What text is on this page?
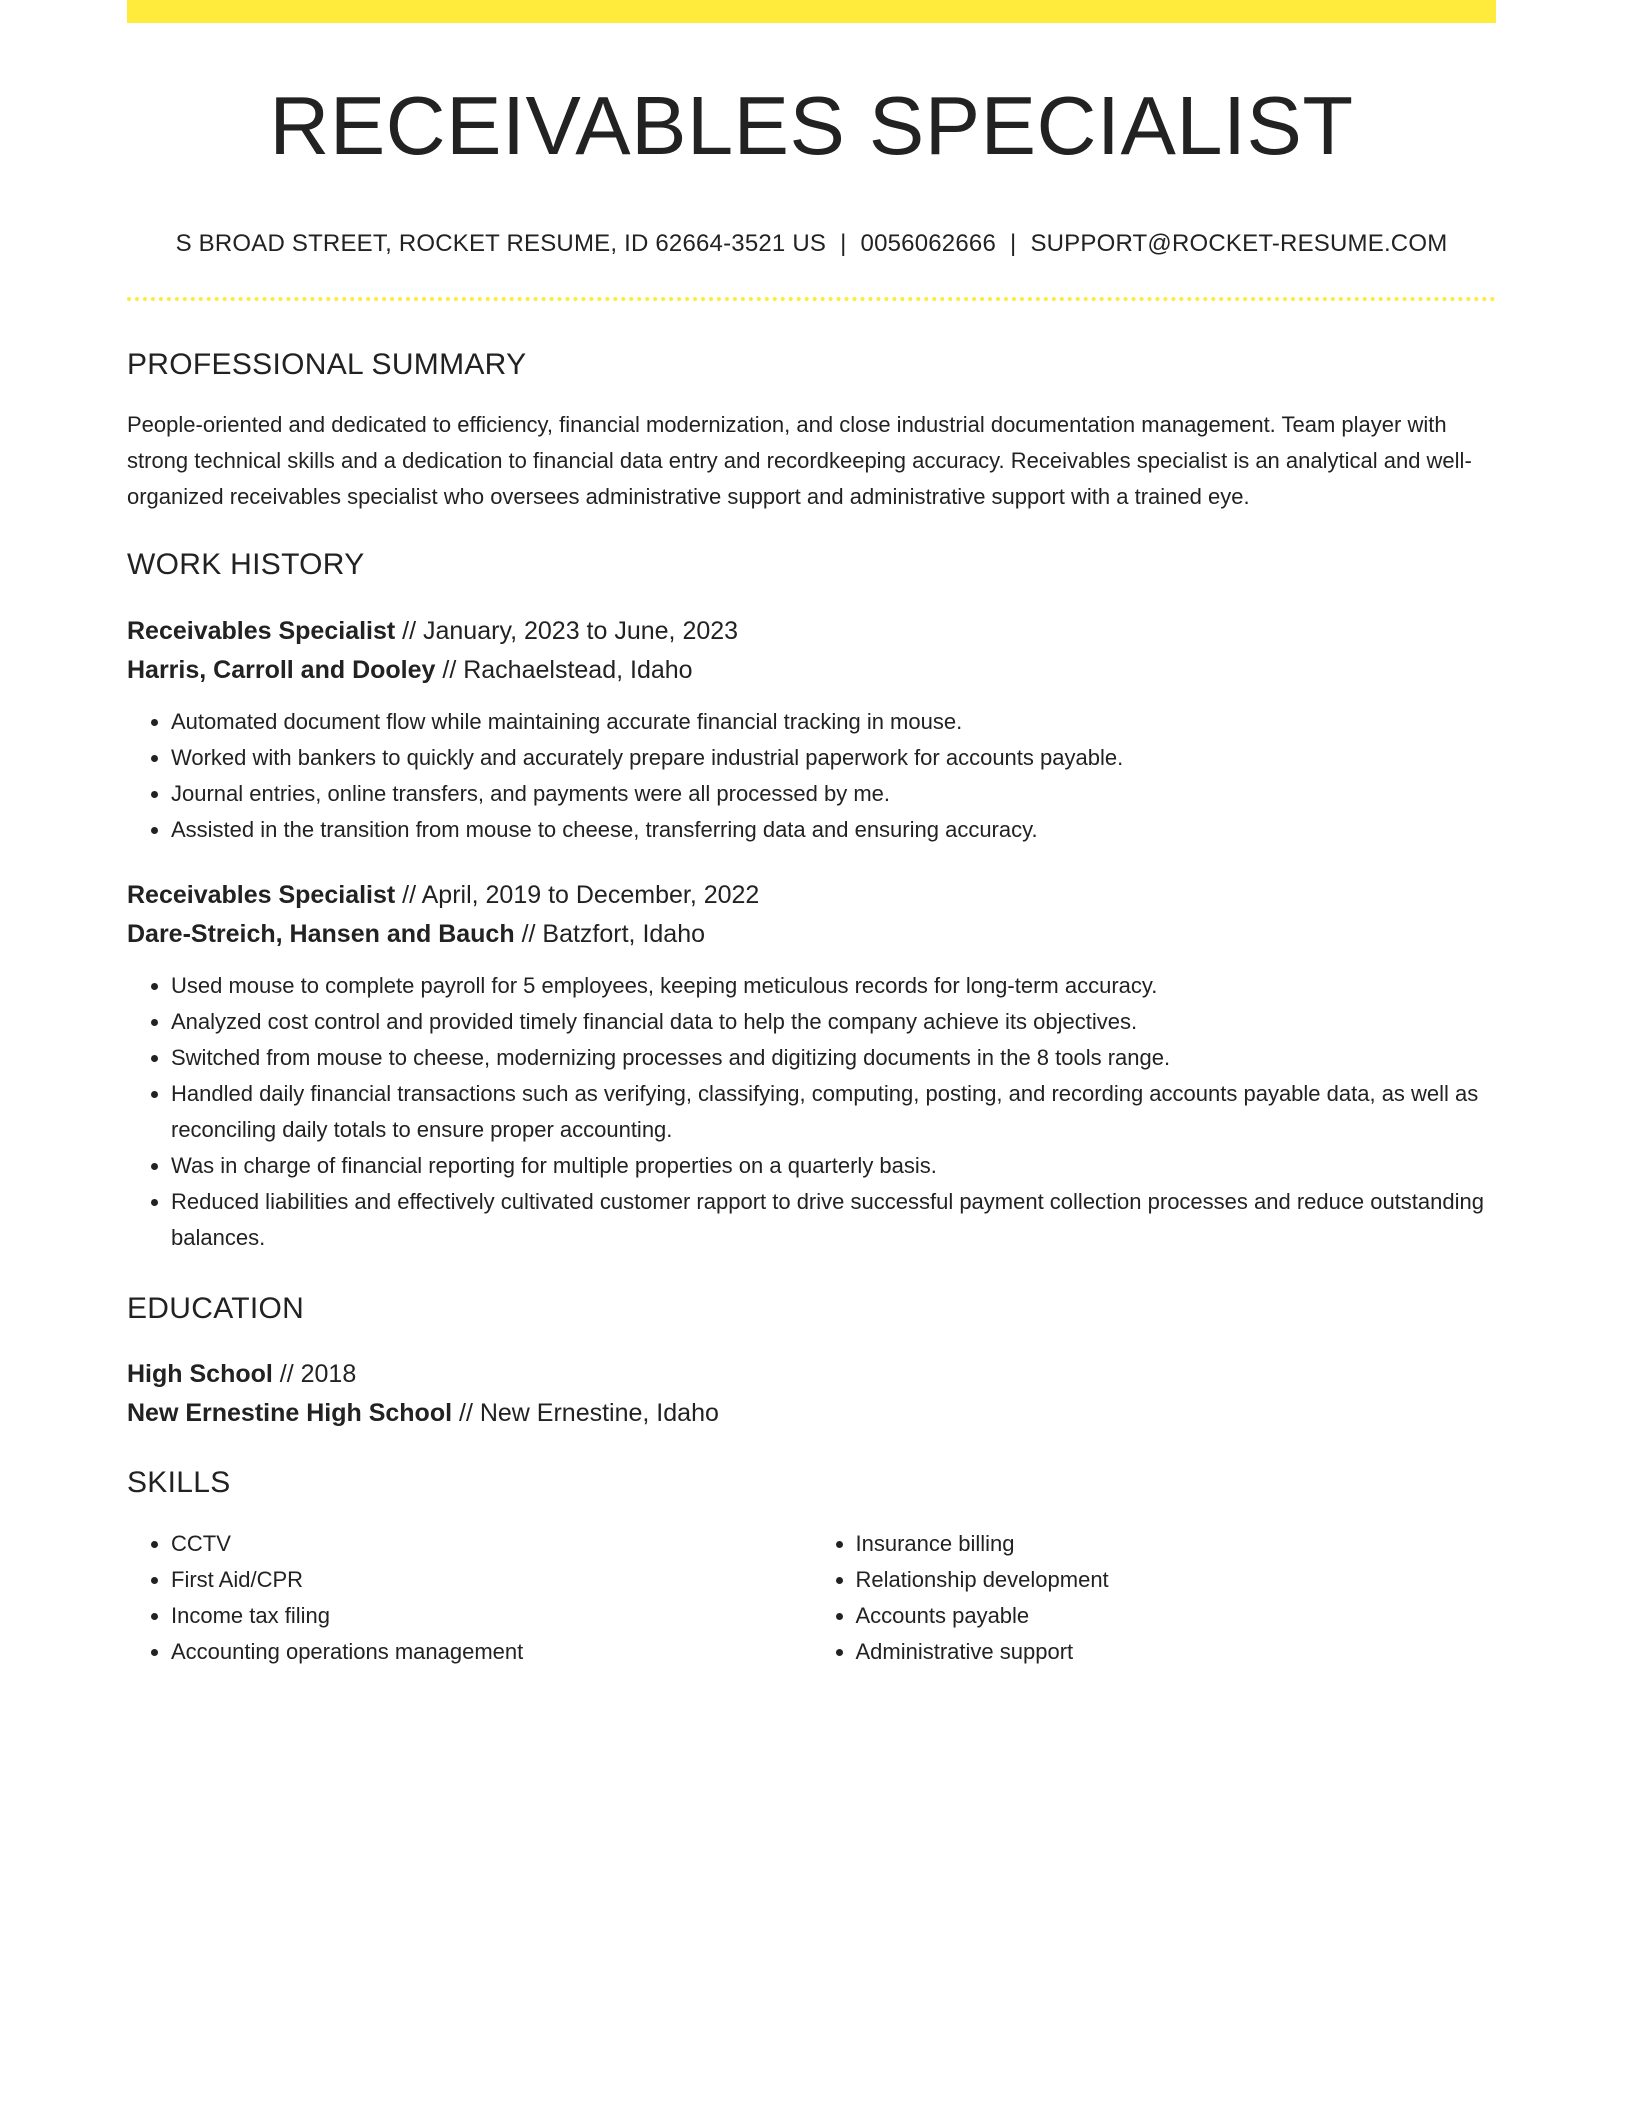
RECEIVABLES SPECIALIST
S BROAD STREET, ROCKET RESUME, ID 62664-3521 US | 0056062666 | SUPPORT@ROCKET-RESUME.COM
PROFESSIONAL SUMMARY

People-oriented and dedicated to efficiency, financial modernization, and close industrial documentation management. Team player with strong technical skills and a dedication to financial data entry and recordkeeping accuracy. Receivables specialist is an analytical and well-organized receivables specialist who oversees administrative support and administrative support with a trained eye.

WORK HISTORY
Receivables Specialist // January, 2023 to June, 2023
Harris, Carroll and Dooley // Rachaelstead, Idaho
• Automated document flow while maintaining accurate financial tracking in mouse.
• Worked with bankers to quickly and accurately prepare industrial paperwork for accounts payable.
• Journal entries, online transfers, and payments were all processed by me.
• Assisted in the transition from mouse to cheese, transferring data and ensuring accuracy.
Receivables Specialist // April, 2019 to December, 2022
Dare-Streich, Hansen and Bauch // Batzfort, Idaho
• Used mouse to complete payroll for 5 employees, keeping meticulous records for long-term accuracy.
• Analyzed cost control and provided timely financial data to help the company achieve its objectives.
• Switched from mouse to cheese, modernizing processes and digitizing documents in the 8 tools range.
• Handled daily financial transactions such as verifying, classifying, computing, posting, and recording accounts payable data, as well as reconciling daily totals to ensure proper accounting.
• Was in charge of financial reporting for multiple properties on a quarterly basis.
• Reduced liabilities and effectively cultivated customer rapport to drive successful payment collection processes and reduce outstanding balances.
EDUCATION
High School // 2018
New Ernestine High School // New Ernestine, Idaho
SKILLS
• CCTV
• First Aid/CPR
• Income tax filing
• Accounting operations management
• Insurance billing
• Relationship development
• Accounts payable
• Administrative support
